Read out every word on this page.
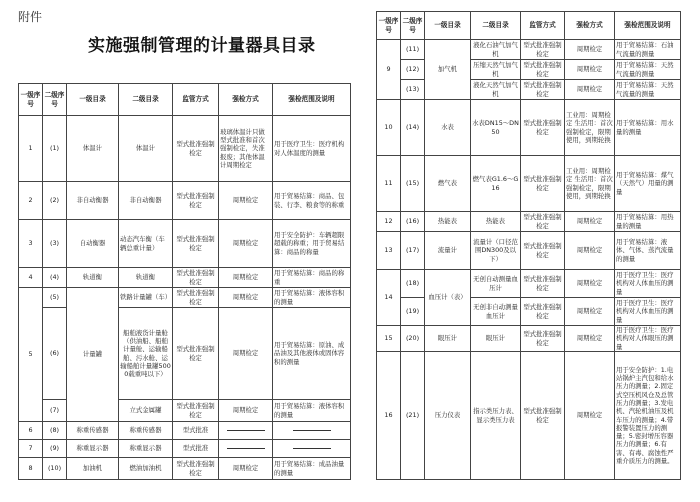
附件
实施强制管理的计量器具目录
一级序号	二级序号	一级目录	二级目录	监管方式	强检方式	强检范围及说明
1	(1)	体温计	体温计	型式批准强制检定	玻璃体温计只做型式批准和首次强制检定，失准报废；其他体温计周期检定	用于医疗卫生：医疗机构对人体温度的测量
2	(2)	非自动衡器	非自动衡器	型式批准强制检定	周期检定	用于贸易结算：商品、包装、行李、粮食等的称重
3	(3)	自动衡器	动态汽车衡（车辆总重计量）	型式批准强制检定	周期检定	用于安全防护：车辆超限超载的称重；用于贸易结算：商品的称量
4	(4)	轨道衡	轨道衡	型式批准强制检定	周期检定	用于贸易结算：商品的称重
5	(5)	计量罐	铁路计量罐（车）	型式批准强制检定	周期检定	用于贸易结算：液体容积的测量
	(6)		船舶液货计量舱（供油船、船舶计量舱、运输船舶、污水舱、运输船舶计量罐5000载重吨以下）	型式批准强制检定	周期检定	用于贸易结算：原油、成品油及其他液体或固体容积的测量
	(7)		立式金属罐	型式批准强制检定	周期检定	用于贸易结算：液体容积的测量
6	(8)	称重传感器	称重传感器	型式批准		
7	(9)	称重显示器	称重显示器	型式批准		
8	(10)	加油机	燃油加油机	型式批准强制检定	周期检定	用于贸易结算：成品油量的测量
一级序号	二级序号	一级目录	二级目录	监管方式	强检方式	强检范围及说明
9	(11)	加气机	液化石油气加气机	型式批准强制检定	周期检定	用于贸易结算：石油气流量的测量
	(12)		压缩天然气加气机	型式批准强制检定	周期检定	用于贸易结算：天然气流量的测量
	(13)		液化天然气加气机	型式批准强制检定	周期检定	用于贸易结算：天然气流量的测量
10	(14)	水表	水表DN15～DN50	型式批准强制检定	工业用：周期检定 生活用：首次强制检定，限期使用，到期轮换	用于贸易结算：用水量的测量
11	(15)	燃气表	燃气表G1.6～G16	型式批准强制检定	工业用：周期检定 生活用：首次强制检定，限期使用，到期轮换	用于贸易结算：煤气（天然气）用量的测量
12	(16)	热能表	热能表	型式批准强制检定	周期检定	用于贸易结算：用热量的测量
13	(17)	流量计	流量计（口径范围DN300及以下）	型式批准强制检定	周期检定	用于贸易结算：液体、气体、蒸汽流量的测量
14	(18)	血压计（表）	无创自动测量血压计	型式批准强制检定	周期检定	用于医疗卫生：医疗机构对人体血压的测量
	(19)		无创非自动测量血压计	型式批准强制检定	周期检定	用于医疗卫生：医疗机构对人体血压的测量
15	(20)	眼压计	眼压计	型式批准强制检定	周期检定	用于医疗卫生：医疗机构对人体眼压的测量
16	(21)	压力仪表	指示类压力表、显示类压力表	型式批准强制检定	周期检定	用于安全防护：1.电站锅炉主汽包和给水压力的测量；2.固定式空压机风仓及总管压力的测量；3.发电机、汽轮机油压及机车压力的测量；4.带报警装置压力的测量；5.密封增压容器压力的测量；6.有害、有毒、腐蚀性严重介质压力的测量。
